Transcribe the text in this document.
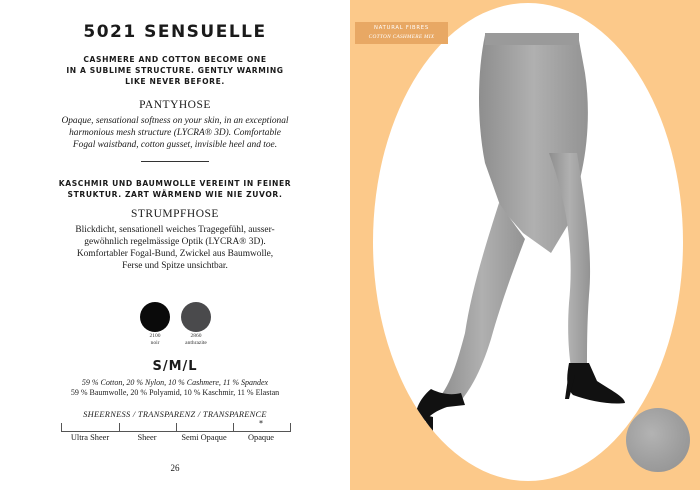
5021 SENSUELLE
CASHMERE AND COTTON BECOME ONE
IN A SUBLIME STRUCTURE. GENTLY WARMING
LIKE NEVER BEFORE.
PANTYHOSE
Opaque, sensational softness on your skin, in an exceptional
harmonious mesh structure (LYCRA® 3D). Comfortable
Fogal waistband, cotton gusset, invisible heel and toe.
KASCHMIR UND BAUMWOLLE VEREINT IN FEINER
STRUKTUR. ZART WÄRMEND WIE NIE ZUVOR.
STRUMPFHOSE
Blickdicht, sensationell weiches Tragegefühl, ausser-
gewöhnlich regelmässige Optik (LYCRA® 3D).
Komfortabler Fogal-Bund, Zwickel aus Baumwolle,
Ferse und Spitze unsichtbar.
2100
noir
2860
anthrazite
S/M/L
59 % Cotton, 20 % Nylon, 10 % Cashmere, 11 % Spandex
59 % Baumwolle, 20 % Polyamid, 10 % Kaschmir, 11 % Elastan
SHEERNESS / TRANSPARENZ / TRANSPARENCE
*
Ultra Sheer	Sheer	Semi Opaque	Opaque
26
NATURAL FIBRES
COTTON CASHMERE MIX
